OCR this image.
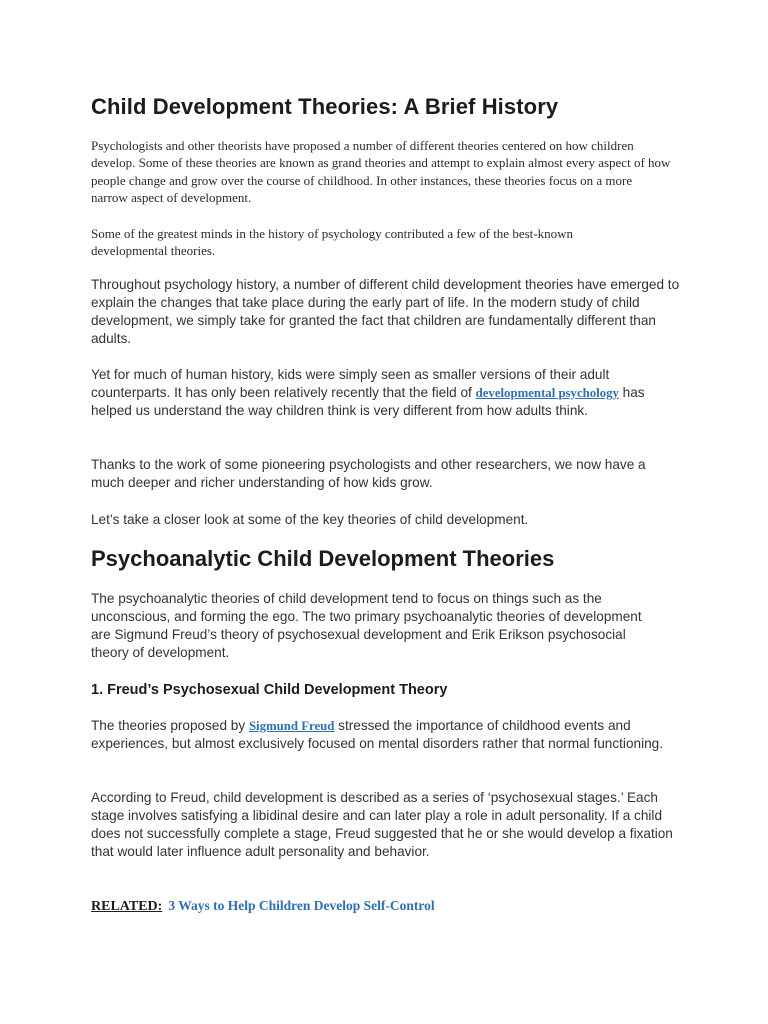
Child Development Theories: A Brief History

Psychologists and other theorists have proposed a number of different theories centered on how children develop. Some of these theories are known as grand theories and attempt to explain almost every aspect of how people change and grow over the course of childhood. In other instances, these theories focus on a more narrow aspect of development.

Some of the greatest minds in the history of psychology contributed a few of the best-known developmental theories.

Throughout psychology history, a number of different child development theories have emerged to explain the changes that take place during the early part of life. In the modern study of child development, we simply take for granted the fact that children are fundamentally different than adults.

Yet for much of human history, kids were simply seen as smaller versions of their adult counterparts. It has only been relatively recently that the field of developmental psychology has helped us understand the way children think is very different from how adults think.

Thanks to the work of some pioneering psychologists and other researchers, we now have a much deeper and richer understanding of how kids grow.

Let’s take a closer look at some of the key theories of child development.

Psychoanalytic Child Development Theories

The psychoanalytic theories of child development tend to focus on things such as the unconscious, and forming the ego. The two primary psychoanalytic theories of development are Sigmund Freud’s theory of psychosexual development and Erik Erikson psychosocial theory of development.

1. Freud’s Psychosexual Child Development Theory

The theories proposed by Sigmund Freud stressed the importance of childhood events and experiences, but almost exclusively focused on mental disorders rather that normal functioning.

According to Freud, child development is described as a series of ‘psychosexual stages.’ Each stage involves satisfying a libidinal desire and can later play a role in adult personality. If a child does not successfully complete a stage, Freud suggested that he or she would develop a fixation that would later influence adult personality and behavior.

RELATED: 3 Ways to Help Children Develop Self-Control
